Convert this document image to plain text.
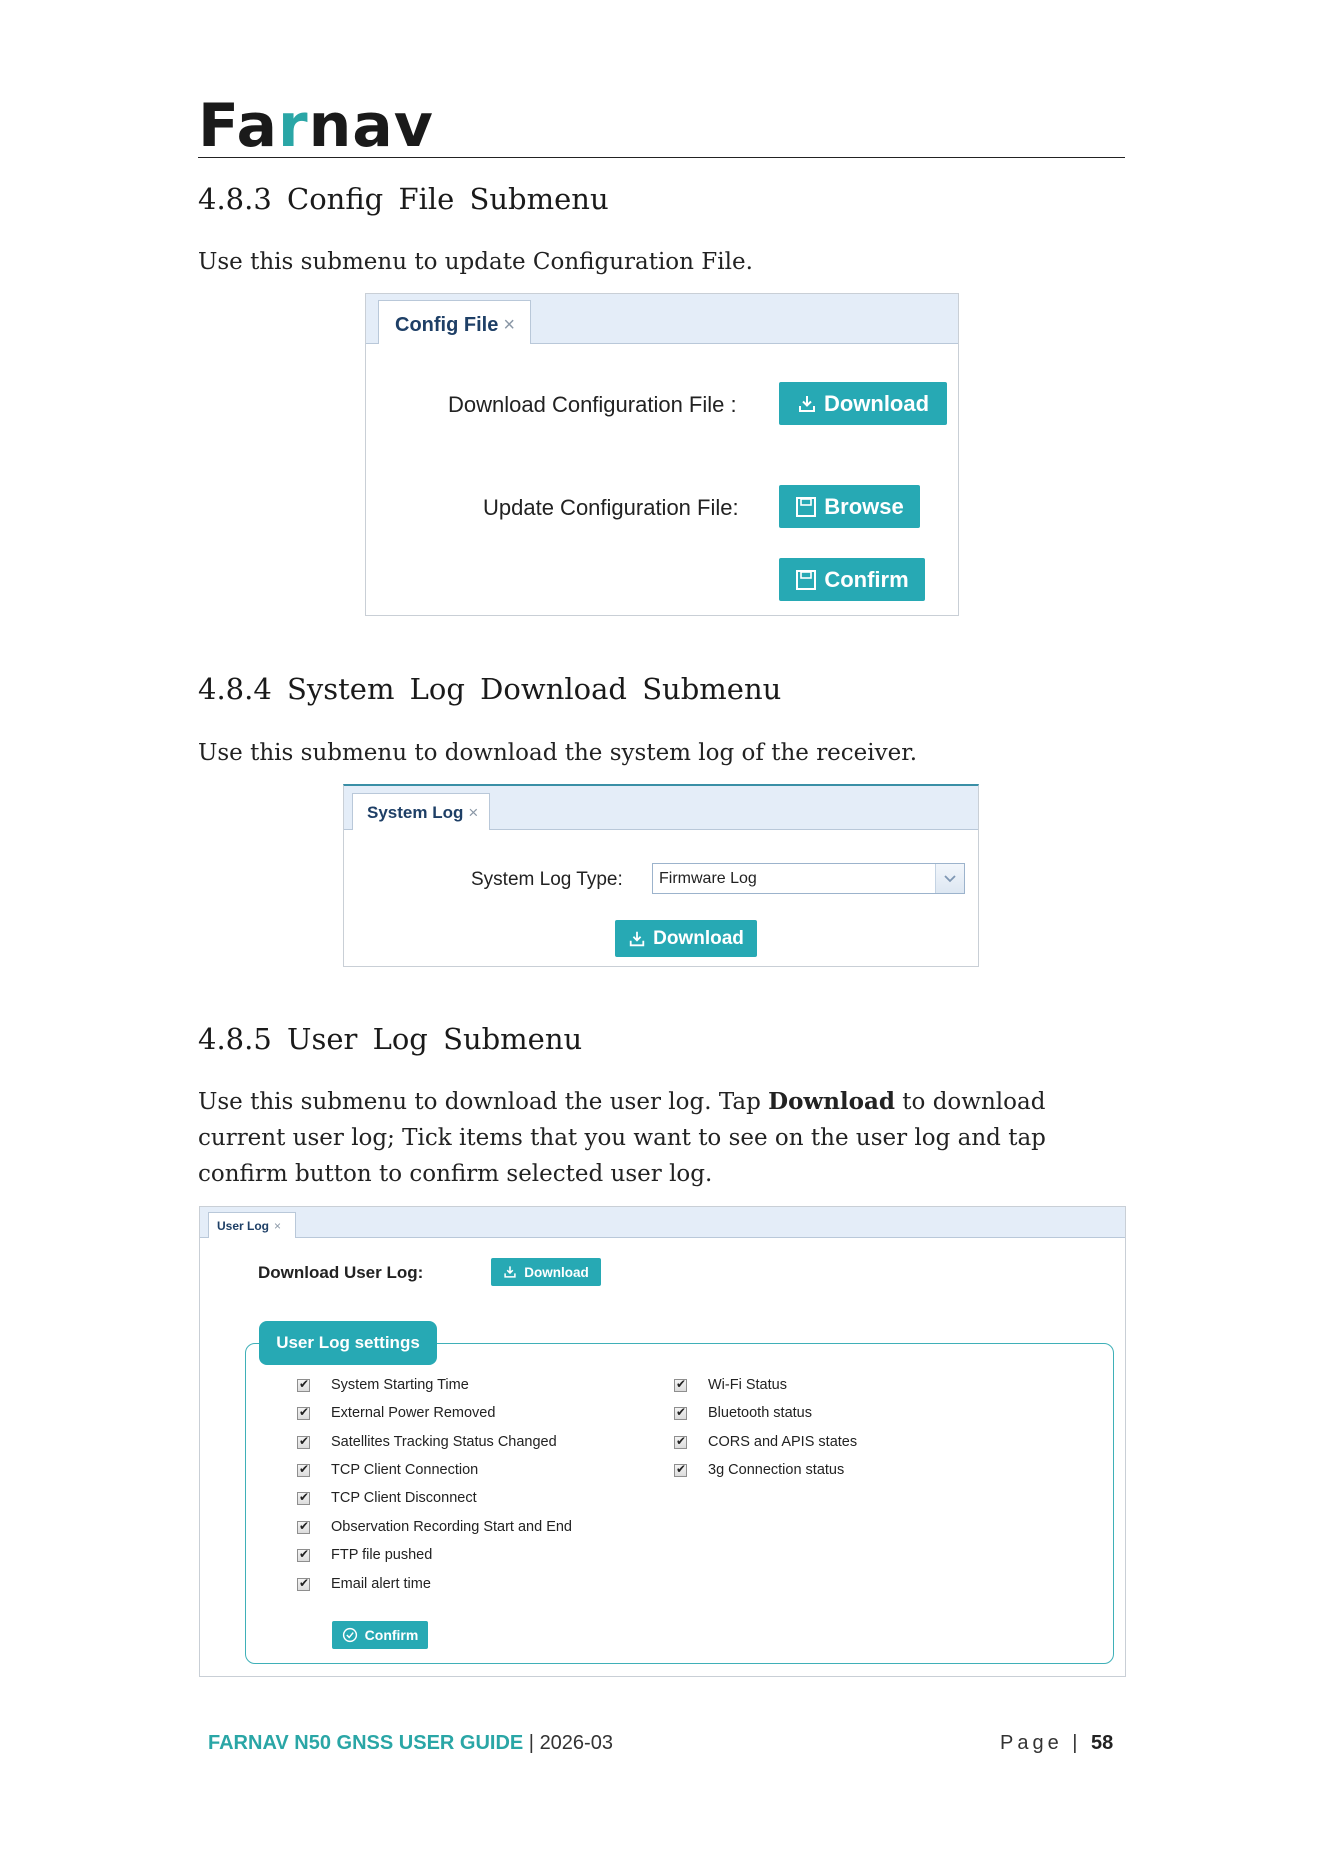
Farnav
4.8.3 Config File Submenu

Use this submenu to update Configuration File.

Config File ×
Download Configuration File :	Download
Update Configuration File:	Browse
Confirm
4.8.4 System Log Download Submenu

Use this submenu to download the system log of the receiver.

System Log ×
System Log Type: Firmware Log
Download
4.8.5 User Log Submenu

Use this submenu to download the user log. Tap Download to download
current user log; Tick items that you want to see on the user log and tap
confirm button to confirm selected user log.

User Log ×
Download User Log:	Download
User Log settings
✔
System Starting Time
✔
External Power Removed
✔
Satellites Tracking Status Changed
✔
TCP Client Connection
✔
TCP Client Disconnect
✔
Observation Recording Start and End
✔
FTP file pushed
✔
Email alert time
✔
Wi-Fi Status
✔
Bluetooth status
✔
CORS and APIS states
✔
3g Connection status
Confirm
FARNAV N50 GNSS USER GUIDE | 2026-03	Page | 58
